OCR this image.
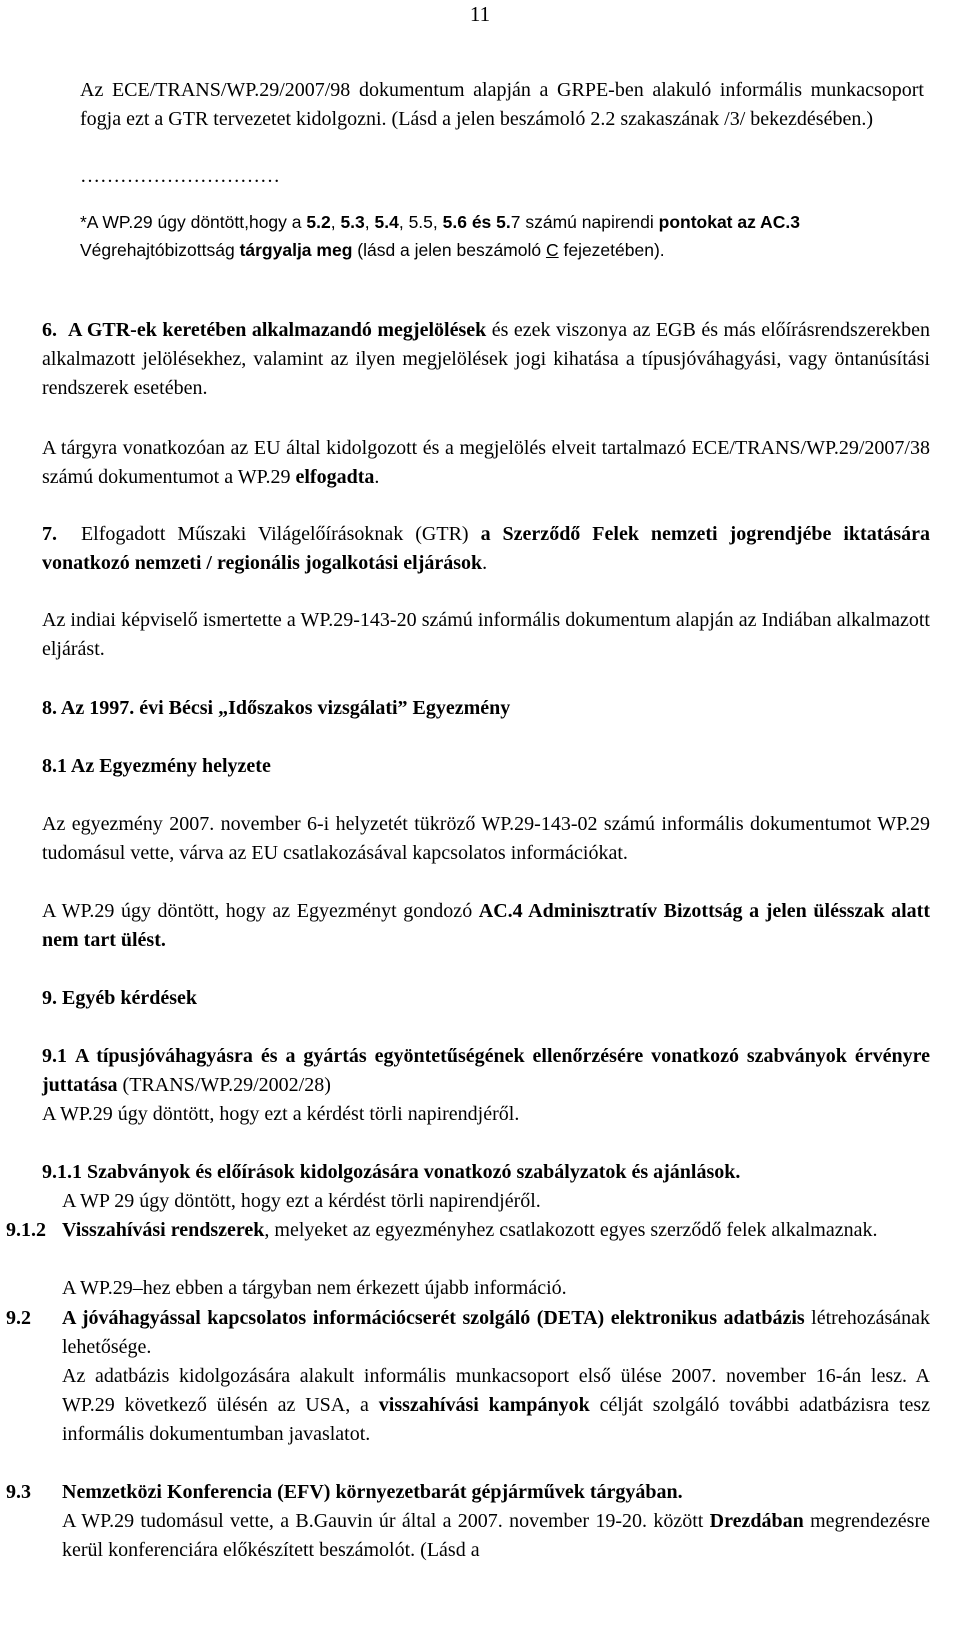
11
Az ECE/TRANS/WP.29/2007/98 dokumentum alapján a GRPE-ben alakuló informális munkacsoport fogja ezt a GTR tervezetet kidolgozni. (Lásd a jelen beszámoló 2.2 szakaszának /3/ bekezdésében.)
…………………………
*A WP.29 úgy döntött,hogy a 5.2, 5.3, 5.4, 5.5, 5.6 és 5.7 számú napirendi pontokat az AC.3
Végrehajtóbizottság tárgyalja meg (lásd a jelen beszámoló C fejezetében).
6. A GTR-ek keretében alkalmazandó megjelölések és ezek viszonya az EGB és más előírásrendszerekben alkalmazott jelölésekhez, valamint az ilyen megjelölések jogi kihatása a típusjóváhagyási, vagy öntanúsítási rendszerek esetében.
A tárgyra vonatkozóan az EU által kidolgozott és a megjelölés elveit tartalmazó ECE/TRANS/WP.29/2007/38 számú dokumentumot a WP.29 elfogadta.
7. Elfogadott Műszaki Világelőírásoknak (GTR) a Szerződő Felek nemzeti jogrendjébe iktatására vonatkozó nemzeti / regionális jogalkotási eljárások.
Az indiai képviselő ismertette a WP.29-143-20 számú informális dokumentum alapján az Indiában alkalmazott eljárást.
8. Az 1997. évi Bécsi „Időszakos vizsgálati” Egyezmény
8.1 Az Egyezmény helyzete
Az egyezmény 2007. november 6-i helyzetét tükröző WP.29-143-02 számú informális dokumentumot WP.29 tudomásul vette, várva az EU csatlakozásával kapcsolatos információkat.
A WP.29 úgy döntött, hogy az Egyezményt gondozó AC.4 Adminisztratív Bizottság a jelen ülésszak alatt nem tart ülést.
9. Egyéb kérdések
9.1 A típusjóváhagyásra és a gyártás egyöntetűségének ellenőrzésére vonatkozó szabványok érvényre juttatása (TRANS/WP.29/2002/28)
A WP.29 úgy döntött, hogy ezt a kérdést törli napirendjéről.
9.1.1 Szabványok és előírások kidolgozására vonatkozó szabályzatok és ajánlások.
A WP 29 úgy döntött, hogy ezt a kérdést törli napirendjéről.
9.1.2 Visszahívási rendszerek, melyeket az egyezményhez csatlakozott egyes szerződő felek alkalmaznak.
A WP.29–hez ebben a tárgyban nem érkezett újabb információ.
9.2 A jóváhagyással kapcsolatos információcserét szolgáló (DETA) elektronikus adatbázis létrehozásának lehetősége.
Az adatbázis kidolgozására alakult informális munkacsoport első ülése 2007. november 16-án lesz. A WP.29 következő ülésén az USA, a visszahívási kampányok célját szolgáló további adatbázisra tesz informális dokumentumban javaslatot.
9.3 Nemzetközi Konferencia (EFV) környezetbarát gépjárművek tárgyában.
A WP.29 tudomásul vette, a B.Gauvin úr által a 2007. november 19-20. között Drezdában megrendezésre kerül konferenciára előkészített beszámolót. (Lásd a
